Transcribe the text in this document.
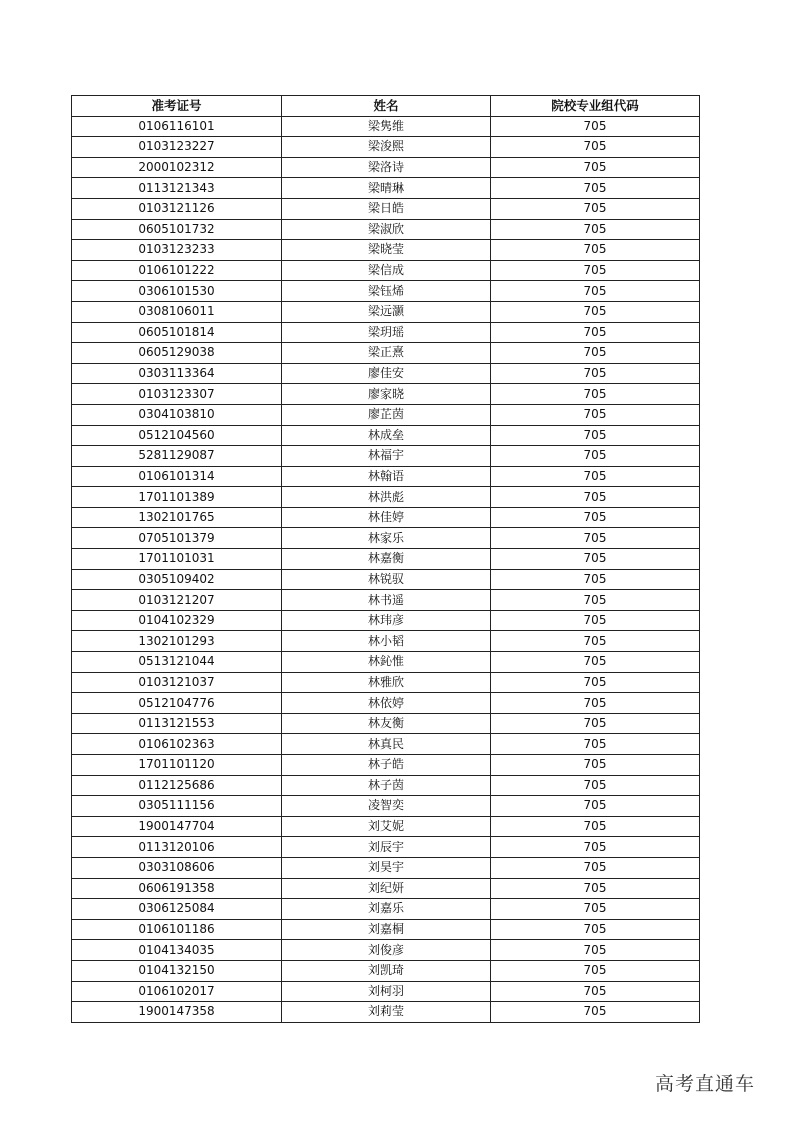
准考证号	姓名	院校专业组代码
0106116101	梁隽维	705
0103123227	梁浚熙	705
2000102312	梁洛诗	705
0113121343	梁晴琳	705
0103121126	梁日皓	705
0605101732	梁淑欣	705
0103123233	梁晓莹	705
0106101222	梁信成	705
0306101530	梁钰烯	705
0308106011	梁远灏	705
0605101814	梁玥瑶	705
0605129038	梁正熹	705
0303113364	廖佳安	705
0103123307	廖家晓	705
0304103810	廖芷茵	705
0512104560	林成垒	705
5281129087	林福宇	705
0106101314	林翰语	705
1701101389	林洪彪	705
1302101765	林佳婷	705
0705101379	林家乐	705
1701101031	林嘉衡	705
0305109402	林锐驭	705
0103121207	林书遥	705
0104102329	林玮彦	705
1302101293	林小韬	705
0513121044	林鈊惟	705
0103121037	林雅欣	705
0512104776	林依婷	705
0113121553	林友衡	705
0106102363	林真民	705
1701101120	林子皓	705
0112125686	林子茵	705
0305111156	凌智奕	705
1900147704	刘艾妮	705
0113120106	刘辰宇	705
0303108606	刘昊宇	705
0606191358	刘纪妍	705
0306125084	刘嘉乐	705
0106101186	刘嘉桐	705
0104134035	刘俊彦	705
0104132150	刘凯琦	705
0106102017	刘柯羽	705
1900147358	刘莉莹	705
高考直通车
